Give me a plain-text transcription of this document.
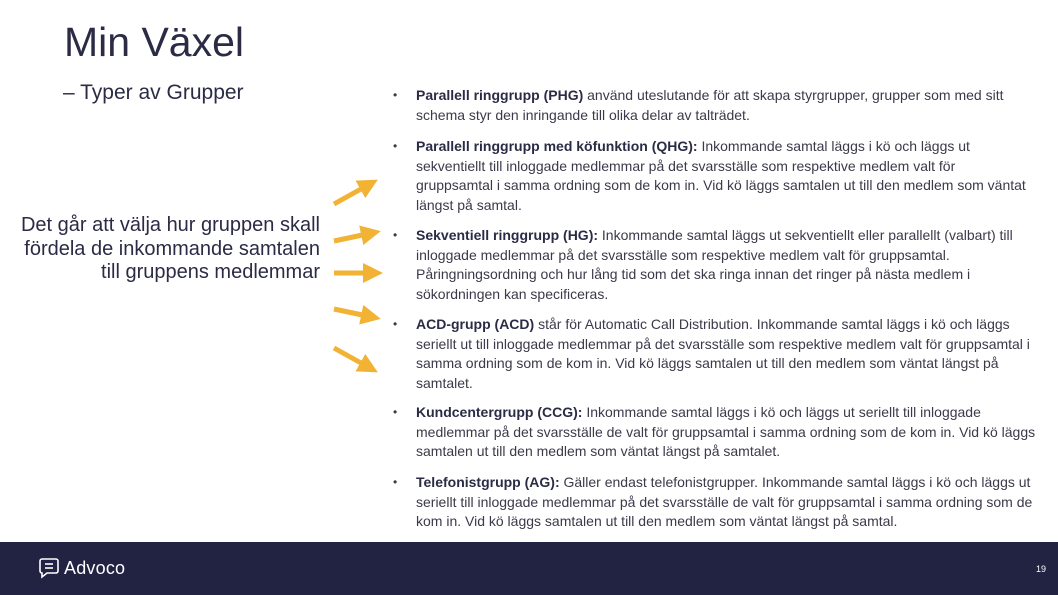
Min Växel
– Typer av Grupper
Det går att välja hur gruppen skall fördela de inkommande samtalen till gruppens medlemmar
•	Parallell ringgrupp (PHG) använd uteslutande för att skapa styrgrupper, grupper som med sitt schema styr den inringande till olika delar av talträdet.
•	Parallell ringgrupp med köfunktion (QHG): Inkommande samtal läggs i kö och läggs ut sekventiellt till inloggade medlemmar på det svarsställe som respektive medlem valt för gruppsamtal i samma ordning som de kom in. Vid kö läggs samtalen ut till den medlem som väntat längst på samtal.
•	Sekventiell ringgrupp (HG): Inkommande samtal läggs ut sekventiellt eller parallellt (valbart) till inloggade medlemmar på det svarsställe som respektive medlem valt för gruppsamtal. Påringningsordning och hur lång tid som det ska ringa innan det ringer på nästa medlem i sökordningen kan specificeras.
•	ACD-grupp (ACD) står för Automatic Call Distribution. Inkommande samtal läggs i kö och läggs seriellt ut till inloggade medlemmar på det svarsställe som respektive medlem valt för gruppsamtal i samma ordning som de kom in. Vid kö läggs samtalen ut till den medlem som väntat längst på samtalet.
•	Kundcentergrupp (CCG): Inkommande samtal läggs i kö och läggs ut seriellt till inloggade medlemmar på det svarsställe de valt för gruppsamtal i samma ordning som de kom in. Vid kö läggs samtalen ut till den medlem som väntat längst på samtalet.
•	Telefonistgrupp (AG): Gäller endast telefonistgrupper. Inkommande samtal läggs i kö och läggs ut seriellt till inloggade medlemmar på det svarsställe de valt för gruppsamtal i samma ordning som de kom in. Vid kö läggs samtalen ut till den medlem som väntat längst på samtal.
Advoco	19
